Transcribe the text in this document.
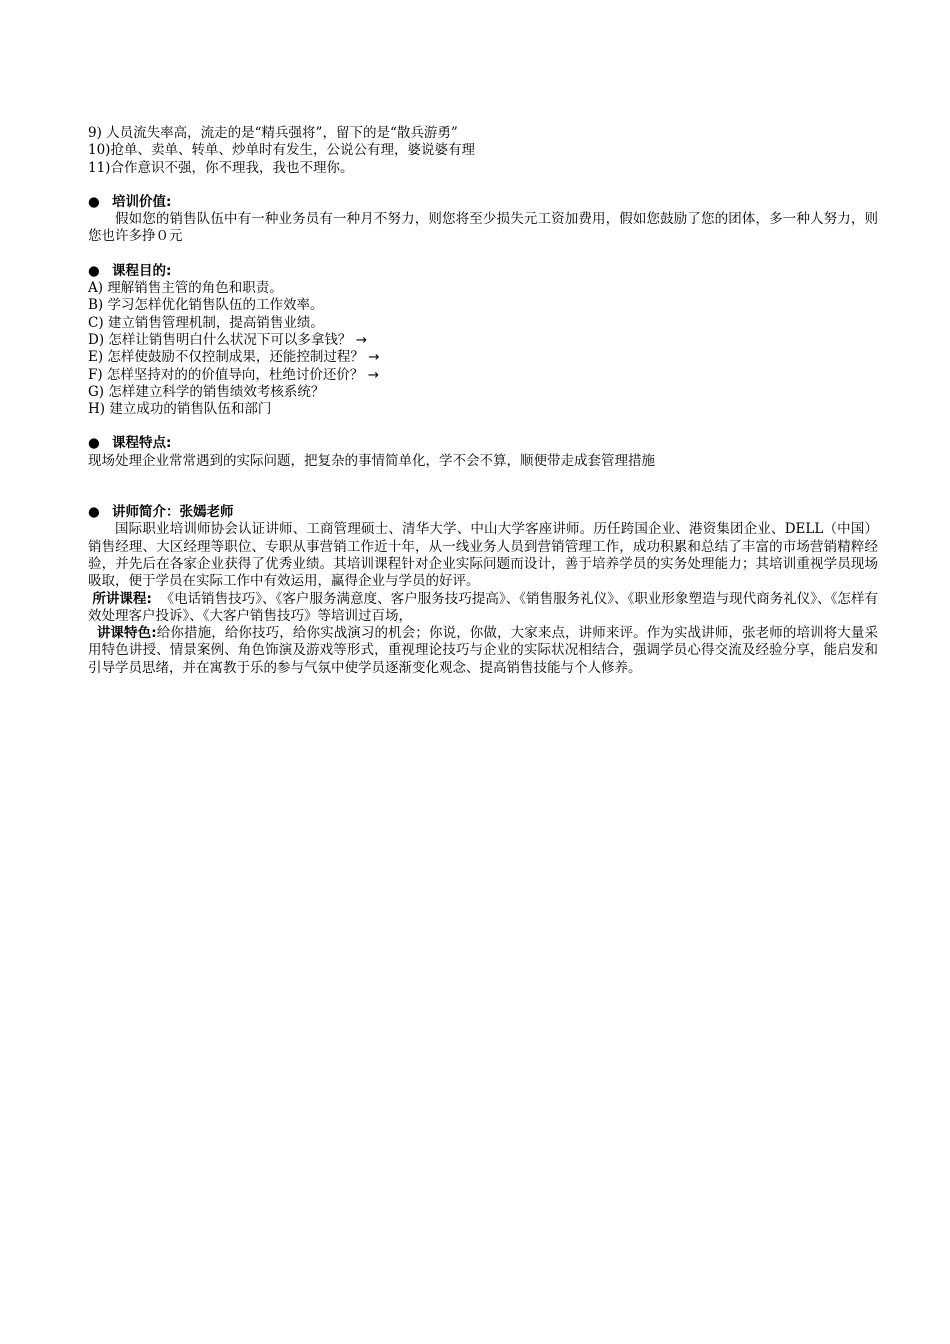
9) 人员流失率高，流走的是“精兵强将”，留下的是“散兵游勇”
10)抢单、卖单、转单、炒单时有发生，公说公有理，婆说婆有理
11)合作意识不强，你不理我，我也不理你。
● 培训价值:
假如您的销售队伍中有一种业务员有一种月不努力，则您将至少损失元工资加费用，假如您鼓励了您的团体，多一种人努力，则您也许多挣０元
● 课程目的:
A) 理解销售主管的角色和职责。
B) 学习怎样优化销售队伍的工作效率。
C) 建立销售管理机制，提高销售业绩。
D) 怎样让销售明白什么状况下可以多拿钱？ →
E) 怎样使鼓励不仅控制成果，还能控制过程？ →
F) 怎样坚持对的的价值导向，杜绝讨价还价？ →
G) 怎样建立科学的销售绩效考核系统？
H) 建立成功的销售队伍和部门
● 课程特点:
现场处理企业常常遇到的实际问题，把复杂的事情简单化，学不会不算，顺便带走成套管理措施
● 讲师简介：张嫣老师
国际职业培训师协会认证讲师、工商管理硕士、清华大学、中山大学客座讲师。历任跨国企业、港资集团企业、DELL（中国）销售经理、大区经理等职位、专职从事营销工作近十年，从一线业务人员到营销管理工作，成功积累和总结了丰富的市场营销精粹经验，并先后在各家企业获得了优秀业绩。其培训课程针对企业实际问题而设计，善于培养学员的实务处理能力；其培训重视学员现场吸取，便于学员在实际工作中有效运用，赢得企业与学员的好评。
所讲课程: 《电话销售技巧》、《客户服务满意度、客户服务技巧提高》、《销售服务礼仪》、《职业形象塑造与现代商务礼仪》、《怎样有效处理客户投诉》、《大客户销售技巧》等培训过百场，
讲课特色:给你措施，给你技巧，给你实战演习的机会；你说，你做，大家来点，讲师来评。作为实战讲师，张老师的培训将大量采用特色讲授、情景案例、角色饰演及游戏等形式，重视理论技巧与企业的实际状况相结合，强调学员心得交流及经验分享，能启发和引导学员思绪，并在寓教于乐的参与气氛中使学员逐渐变化观念、提高销售技能与个人修养。
